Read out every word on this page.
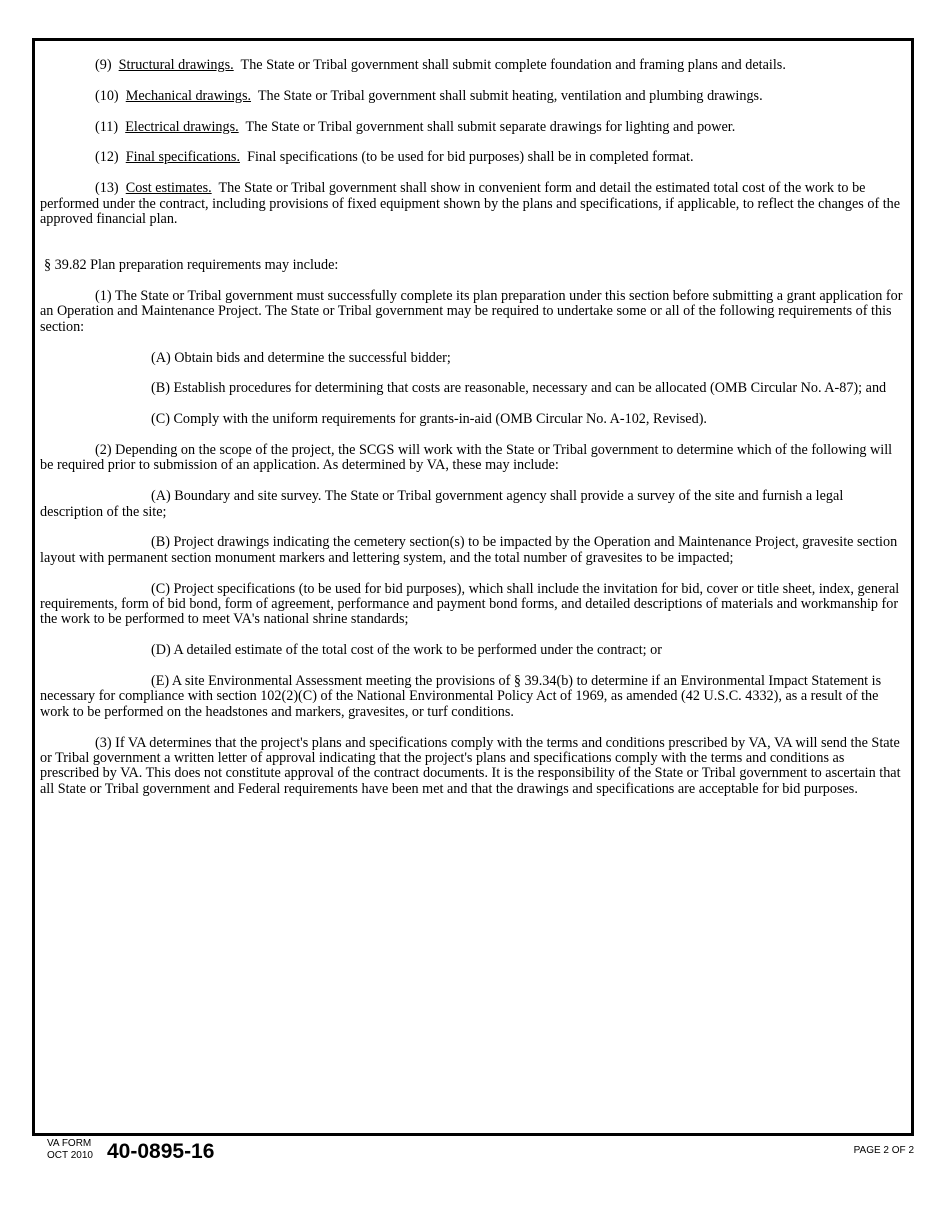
(9) Structural drawings. The State or Tribal government shall submit complete foundation and framing plans and details.

(10) Mechanical drawings. The State or Tribal government shall submit heating, ventilation and plumbing drawings.

(11) Electrical drawings. The State or Tribal government shall submit separate drawings for lighting and power.

(12) Final specifications. Final specifications (to be used for bid purposes) shall be in completed format.

(13) Cost estimates. The State or Tribal government shall show in convenient form and detail the estimated total cost of the work to be performed under the contract, including provisions of fixed equipment shown by the plans and specifications, if applicable, to reflect the changes of the approved financial plan.

§ 39.82 Plan preparation requirements may include:

(1) The State or Tribal government must successfully complete its plan preparation under this section before submitting a grant application for an Operation and Maintenance Project. The State or Tribal government may be required to undertake some or all of the following requirements of this section:

(A) Obtain bids and determine the successful bidder;

(B) Establish procedures for determining that costs are reasonable, necessary and can be allocated (OMB Circular No. A-87); and

(C) Comply with the uniform requirements for grants-in-aid (OMB Circular No. A-102, Revised).

(2) Depending on the scope of the project, the SCGS will work with the State or Tribal government to determine which of the following will be required prior to submission of an application. As determined by VA, these may include:

(A) Boundary and site survey. The State or Tribal government agency shall provide a survey of the site and furnish a legal description of the site;

(B) Project drawings indicating the cemetery section(s) to be impacted by the Operation and Maintenance Project, gravesite section layout with permanent section monument markers and lettering system, and the total number of gravesites to be impacted;

(C) Project specifications (to be used for bid purposes), which shall include the invitation for bid, cover or title sheet, index, general requirements, form of bid bond, form of agreement, performance and payment bond forms, and detailed descriptions of materials and workmanship for the work to be performed to meet VA's national shrine standards;

(D) A detailed estimate of the total cost of the work to be performed under the contract; or

(E) A site Environmental Assessment meeting the provisions of § 39.34(b) to determine if an Environmental Impact Statement is necessary for compliance with section 102(2)(C) of the National Environmental Policy Act of 1969, as amended (42 U.S.C. 4332), as a result of the work to be performed on the headstones and markers, gravesites, or turf conditions.

(3) If VA determines that the project's plans and specifications comply with the terms and conditions prescribed by VA, VA will send the State or Tribal government a written letter of approval indicating that the project's plans and specifications comply with the terms and conditions as prescribed by VA. This does not constitute approval of the contract documents. It is the responsibility of the State or Tribal government to ascertain that all State or Tribal government and Federal requirements have been met and that the drawings and specifications are acceptable for bid purposes.

VA FORM
OCT 2010 40-0895-16	PAGE 2 OF 2
